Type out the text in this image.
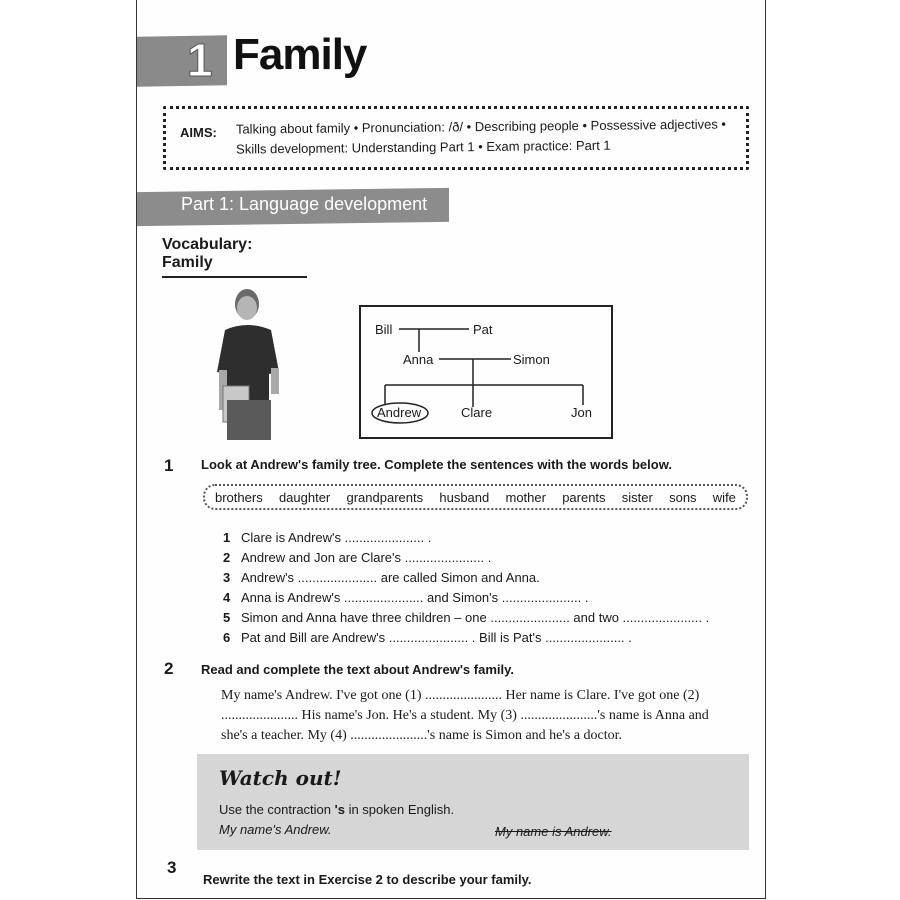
1 Family
AIMS: Talking about family • Pronunciation: /ð/ • Describing people • Possessive adjectives • Skills development: Understanding Part 1 • Exam practice: Part 1
Part 1: Language development
Vocabulary: Family
Bill	Pat
Anna	Simon
Andrew	Clare	Jon
1 Look at Andrew's family tree. Complete the sentences with the words below.
brothers daughter grandparents husband mother parents sister sons wife
1 Clare is Andrew's ...................... .
2 Andrew and Jon are Clare's ...................... .
3 Andrew's ...................... are called Simon and Anna.
4 Anna is Andrew's ...................... and Simon's ...................... .
5 Simon and Anna have three children – one ...................... and two ...................... .
6 Pat and Bill are Andrew's ...................... . Bill is Pat's ...................... .
2 Read and complete the text about Andrew's family.
My name's Andrew. I've got one (1) ...................... Her name is Clare. I've got one (2) ...................... His name's Jon. He's a student. My (3) ......................'s name is Anna and she's a teacher. My (4) ......................'s name is Simon and he's a doctor.
Watch out!
Use the contraction 's in spoken English.
My name's Andrew.	My name is Andrew.
3
Rewrite the text in Exercise 2 to describe your family.
